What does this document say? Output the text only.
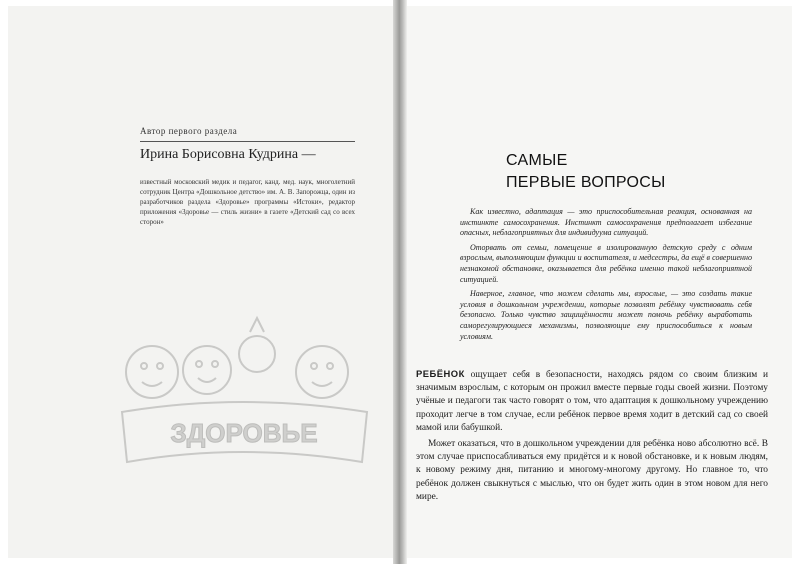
Автор первого раздела
Ирина Борисовна Кудрина —
известный московский медик и педагог, канд. мед. наук, многолетний сотрудник Центра «Дошкольное детство» им. А. В. Запорожца, один из разработчиков раздела «Здоровье» программы «Истоки», редактор приложения «Здоровье — стиль жизни» в газете «Детский сад со всех сторон»
ЗДОРОВЬЕ
САМЫЕ
ПЕРВЫЕ ВОПРОСЫ

Как известно, адаптация — это приспособительная реакция, основанная на инстинкте самосохранения. Инстинкт самосохранения предполагает избегание опасных, неблагоприятных для индивидуума ситуаций.

Оторвать от семьи, помещение в изолированную детскую среду с одним взрослым, выполняющим функции и воспитателя, и медсестры, да ещё в совершенно незнакомой обстановке, оказывается для ребёнка именно такой неблагоприятной ситуацией.

Наверное, главное, что можем сделать мы, взрослые, — это создать такие условия в дошкольном учреждении, которые позволят ребёнку чувствовать себя безопасно. Только чувство защищённости может помочь ребёнку выработать саморегулирующиеся механизмы, позволяющие ему приспособиться к новым условиям.

РЕБЁНОК ощущает себя в безопасности, находясь рядом со своим близким и значимым взрослым, с которым он прожил вместе первые годы своей жизни. Поэтому учёные и педагоги так часто говорят о том, что адаптация к дошкольному учреждению проходит легче в том случае, если ребёнок первое время ходит в детский сад со своей мамой или бабушкой.

Может оказаться, что в дошкольном учреждении для ребёнка ново абсолютно всё. В этом случае приспосабливаться ему придётся и к новой обстановке, и к новым людям, к новому режиму дня, питанию и многому-многому другому. Но главное то, что ребёнок должен свыкнуться с мыслью, что он будет жить один в этом новом для него мире.
